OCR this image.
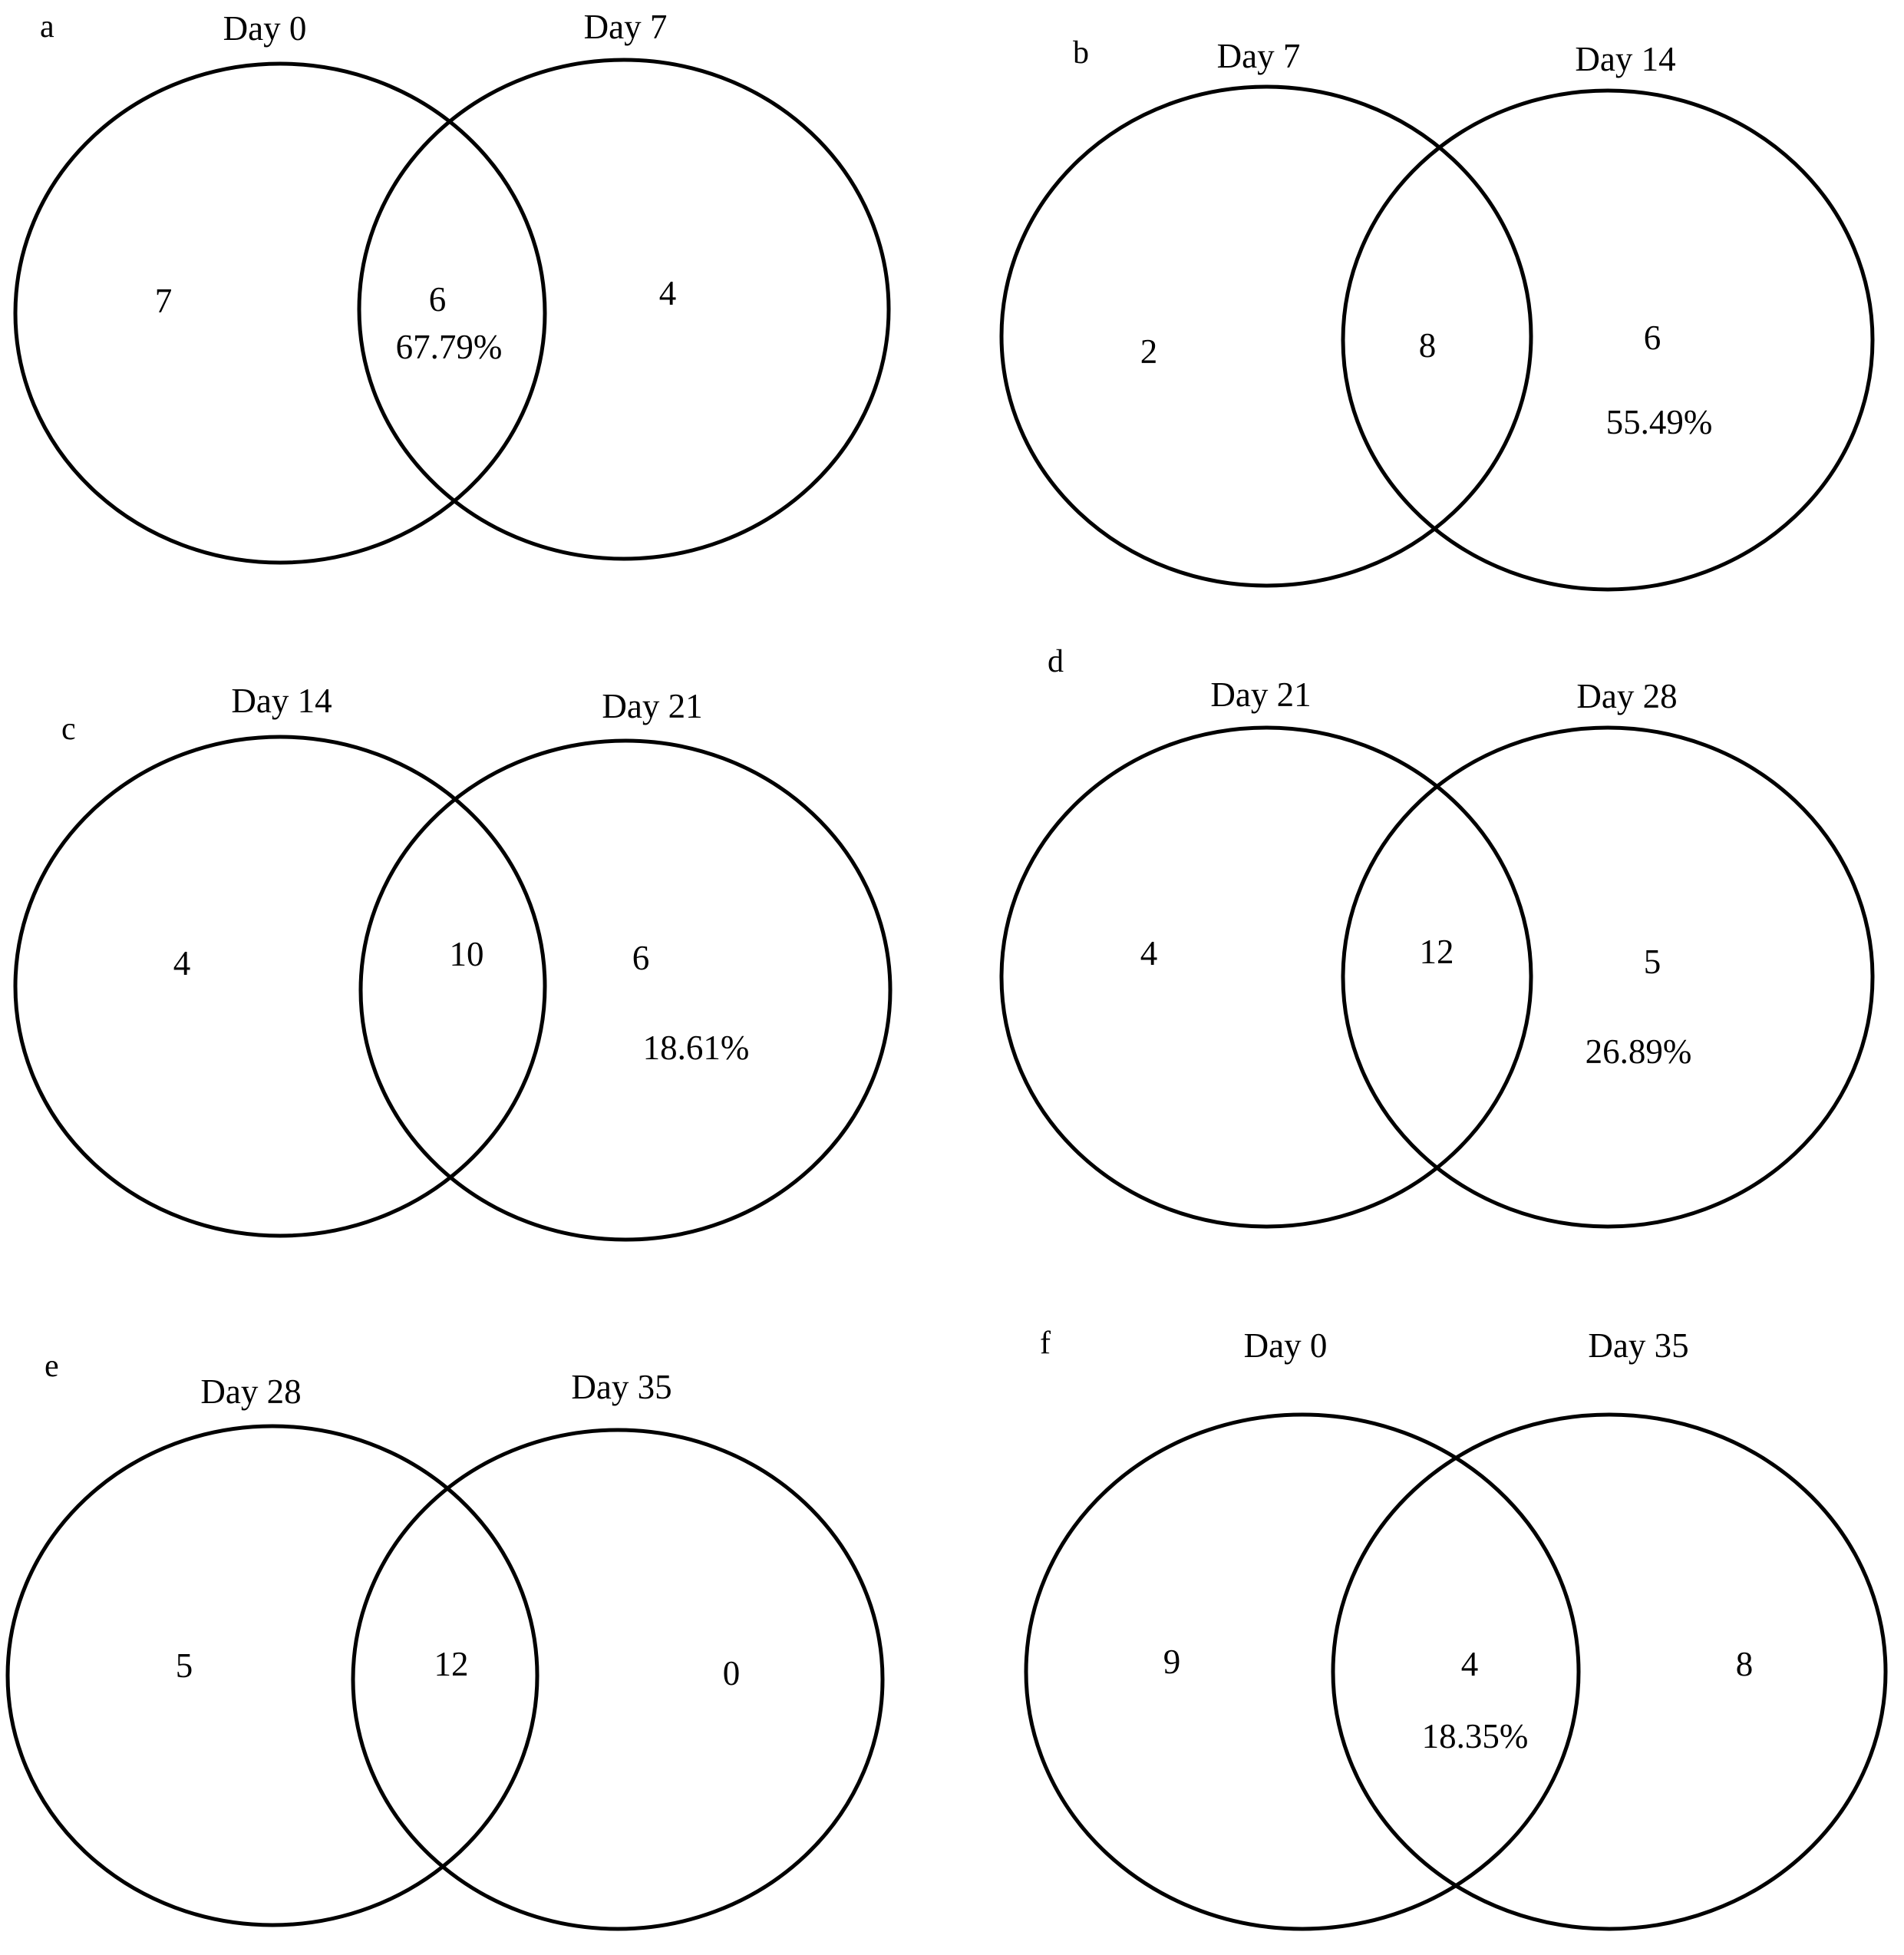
a	Day 0	Day 7
7	6	4
67.79%
b	Day 7	Day 14
2	8	6
55.49%
c
Day 14	Day 21
4	10	6
18.61%
d
Day 21	Day 28
4	12	5
26.89%
e
Day 28	Day 35
5	12	0
f	Day 0	Day 35
9	4	8
18.35%
